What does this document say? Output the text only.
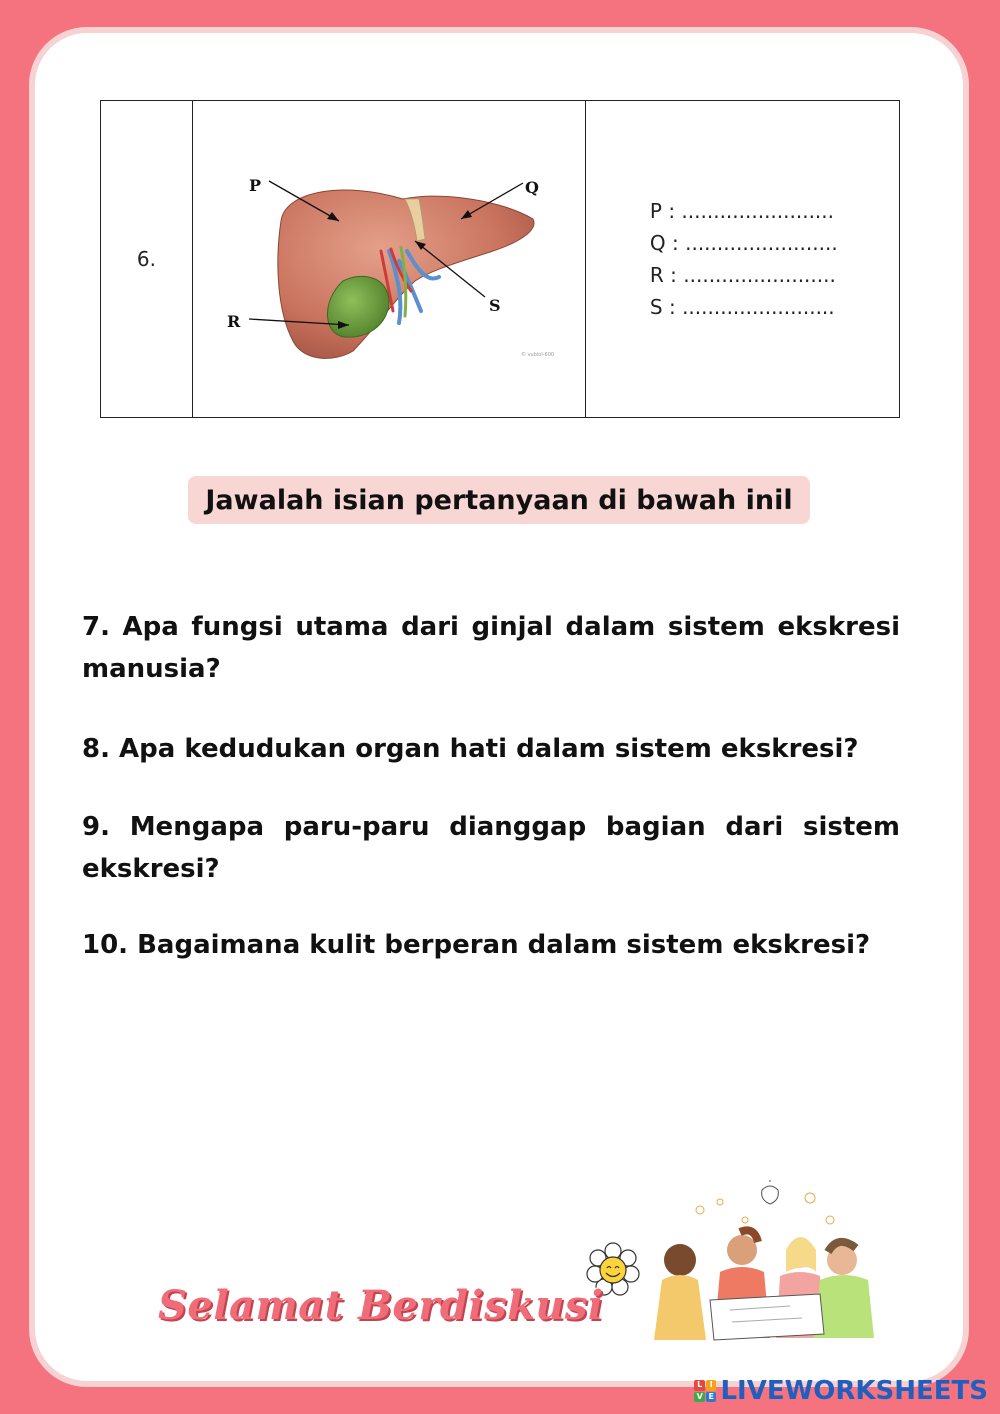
6.	
P	Q
S
R
© vubiol-600

P : ........................
Q : ........................
R : ........................
S : ........................
Jawalah isian pertanyaan di bawah inil
7. Apa fungsi utama dari ginjal dalam sistem ekskresi manusia?
8. Apa kedudukan organ hati dalam sistem ekskresi?
9. Mengapa paru-paru dianggap bagian dari sistem ekskresi?
10. Bagaimana kulit berperan dalam sistem ekskresi?
Selamat Berdiskusi
L I
V E LIVEWORKSHEETS
